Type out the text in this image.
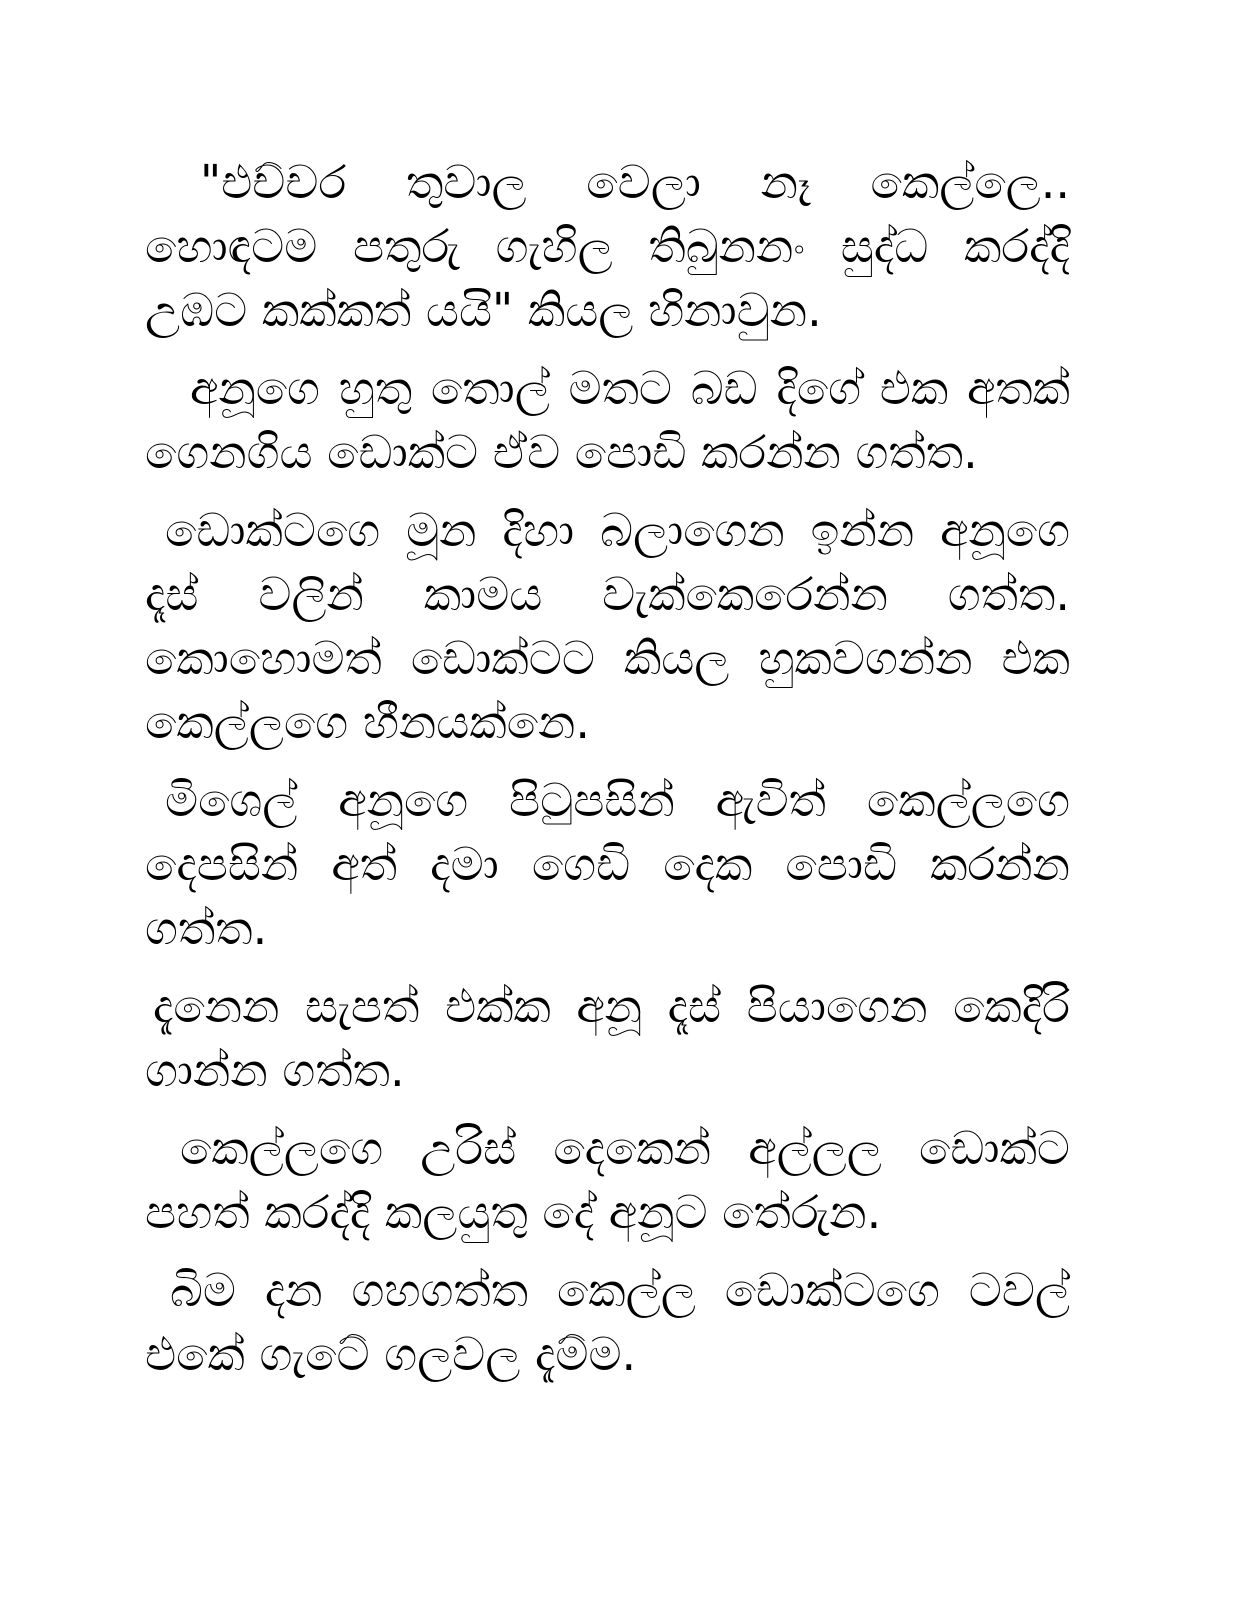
"එච්චර තුවාල වෙලා නෑ කෙල්ලෙ.. හොඳටම පතුරු ගැහිල තිබුනනං සුද්ධ කරද්දි උඹට කක්කත් යයි" කියල හිනාවුන.

අනූගෙ හුතු තොල් මතට බඩ දිගේ එක අතක් ගෙනගිය ඩොක්ට ඒව පොඩි කරන්න ගත්ත.

ඩොක්ටගෙ මූන දිහා බලාගෙන ඉන්න අනූගෙ දෑස් වලින් කාමය වැක්කෙරෙන්න ගත්ත. කොහොමත් ඩොක්ටට කියල හුකවගන්න එක කෙල්ලගෙ හීනයක්නෙ.

මිශෙල් අනූගෙ පිටුපසින් ඇවිත් කෙල්ලගෙ දෙපසින් අත් දමා ගෙඩි දෙක පොඩි කරන්න ගත්ත.

දැනෙන සැපත් එක්ක අනූ දෑස් පියාගෙන කෙදිරි ගාන්න ගත්ත.

කෙල්ලගෙ උරිස් දෙකෙන් අල්ලල ඩොක්ට පහත් කරද්දි කලයුතු දේ අනූට තේරුන.

බිම දන ගහගත්ත කෙල්ල ඩොක්ටගෙ ටවල් එකේ ගැටේ ගලවල දැම්ම.
